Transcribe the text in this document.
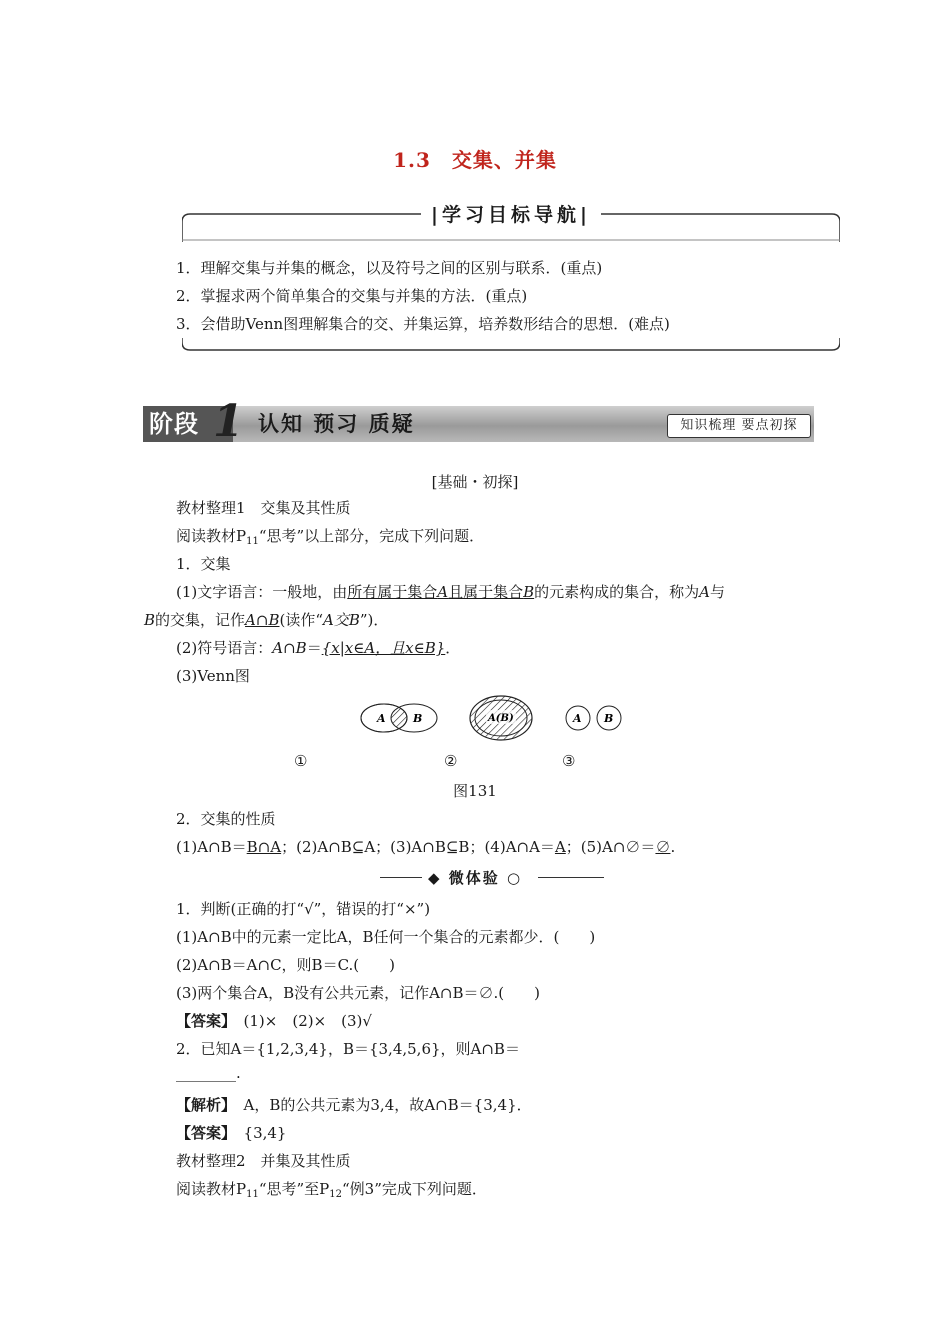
1.3　交集、并集
|学习目标导航|
1．理解交集与并集的概念，以及符号之间的区别与联系．(重点)
2．掌握求两个简单集合的交集与并集的方法．(重点)
3．会借助Venn图理解集合的交、并集运算，培养数形结合的思想．(难点)
阶段 1 认知 预习 质疑	知识梳理 要点初探
[基础・初探]
教材整理1　交集及其性质
阅读教材$P_{11}“$思考”以上部分，完成下列问题．
1．交集
(1)文字语言：一般地，由所有属于集合A且属于集合B的元素构成的集合，称为A与
B的交集，记作A∩B(读作“A交B”)．
(2)符号语言：A∩B＝{x|x∈A，且x∈B}．
(3)Venn图
A B	A(B)	A B
①	②	③
图131
2．交集的性质
(1)A∩B＝B∩A；(2)A∩B⊆A；(3)A∩B⊆B；(4)A∩A＝A；(5)A∩∅＝∅.
◆ 微体验 ○
1．判断(正确的打“√”，错误的打“×”)
(1)A∩B中的元素一定比A，B任何一个集合的元素都少．(　　)
(2)A∩B＝A∩C，则B＝C.(　　)
(3)两个集合A，B没有公共元素，记作A∩B＝∅.(　　)
【答案】　 (1)×　(2)×　(3)√
2．已知A＝{1,2,3,4}，B＝{3,4,5,6}，则A∩B＝
________.
【解析】　 A，B的公共元素为3,4，故A∩B＝{3,4}．
【答案】　 {3,4}
教材整理2　并集及其性质
阅读教材$P_{11}“$思考”至$P_{12}“$例3”完成下列问题．
